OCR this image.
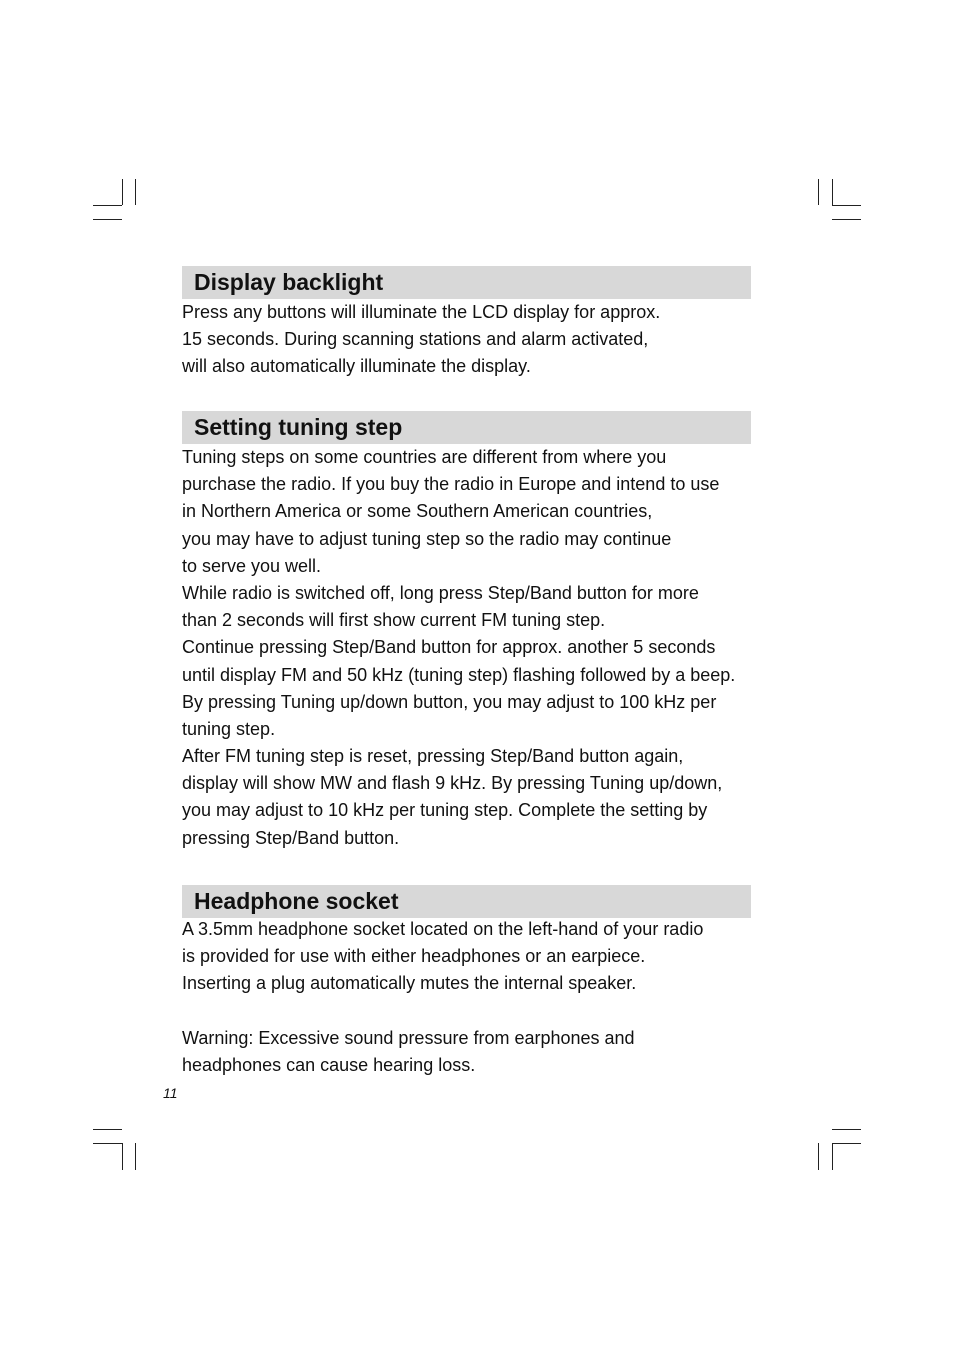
Display backlight
Press any buttons will illuminate the LCD display for approx.
15 seconds. During scanning stations and alarm activated,
will also automatically illuminate the display.
Setting tuning step
Tuning steps on some countries are different from where you
purchase the radio. If you buy the radio in Europe and intend to use
in Northern America or some Southern American countries,
you may have to adjust tuning step so the radio may continue
to serve you well.
While radio is switched off, long press Step/Band button for more
than 2 seconds will first show current FM tuning step.
Continue pressing Step/Band button for approx. another 5 seconds
until display FM and 50 kHz (tuning step) flashing followed by a beep.
By pressing Tuning up/down button, you may adjust to 100 kHz per
tuning step.
After FM tuning step is reset, pressing Step/Band button again,
display will show MW and flash 9 kHz. By pressing Tuning up/down,
you may adjust to 10 kHz per tuning step. Complete the setting by
pressing Step/Band button.
Headphone socket
A 3.5mm headphone socket located on the left-hand of your radio
is provided for use with either headphones or an earpiece.
Inserting a plug automatically mutes the internal speaker.
Warning: Excessive sound pressure from earphones and
headphones can cause hearing loss.
11
